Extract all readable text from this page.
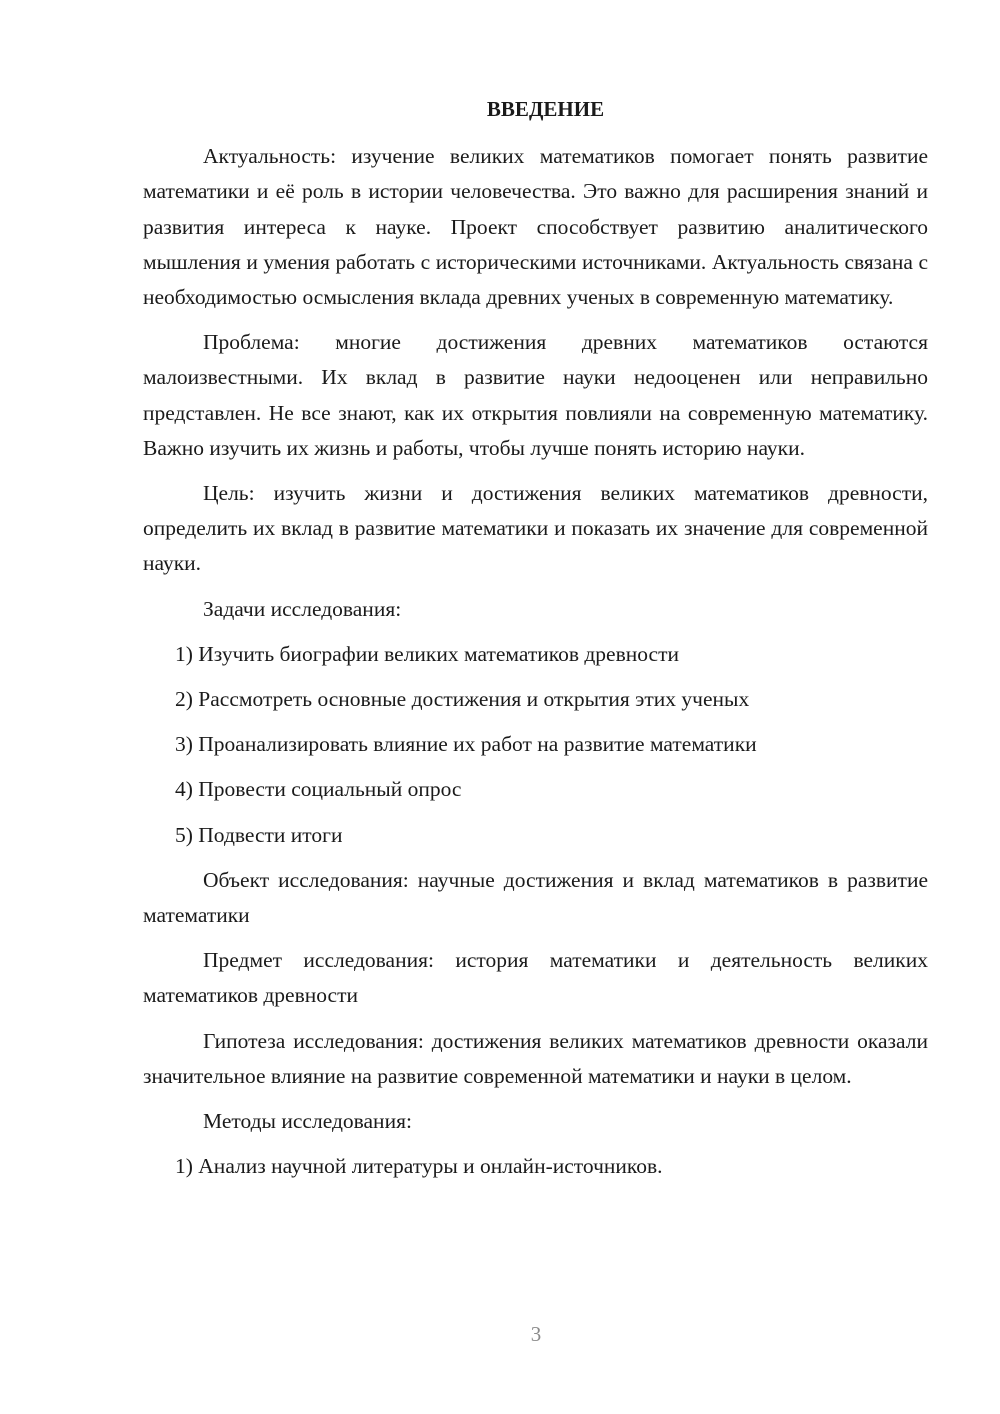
ВВЕДЕНИЕ

Актуальность: изучение великих математиков помогает понять развитие математики и её роль в истории человечества. Это важно для расширения знаний и развития интереса к науке. Проект способствует развитию аналитического мышления и умения работать с историческими источниками. Актуальность связана с необходимостью осмысления вклада древних ученых в современную математику.

Проблема: многие достижения древних математиков остаются малоизвестными. Их вклад в развитие науки недооценен или неправильно представлен. Не все знают, как их открытия повлияли на современную математику. Важно изучить их жизнь и работы, чтобы лучше понять историю науки.

Цель: изучить жизни и достижения великих математиков древности, определить их вклад в развитие математики и показать их значение для современной науки.

Задачи исследования:

1) Изучить биографии великих математиков древности

2) Рассмотреть основные достижения и открытия этих ученых

3) Проанализировать влияние их работ на развитие математики

4) Провести социальный опрос

5) Подвести итоги

Объект исследования: научные достижения и вклад математиков в развитие математики

Предмет исследования: история математики и деятельность великих математиков древности

Гипотеза исследования: достижения великих математиков древности оказали значительное влияние на развитие современной математики и науки в целом.

Методы исследования:

1) Анализ научной литературы и онлайн-источников.

3
